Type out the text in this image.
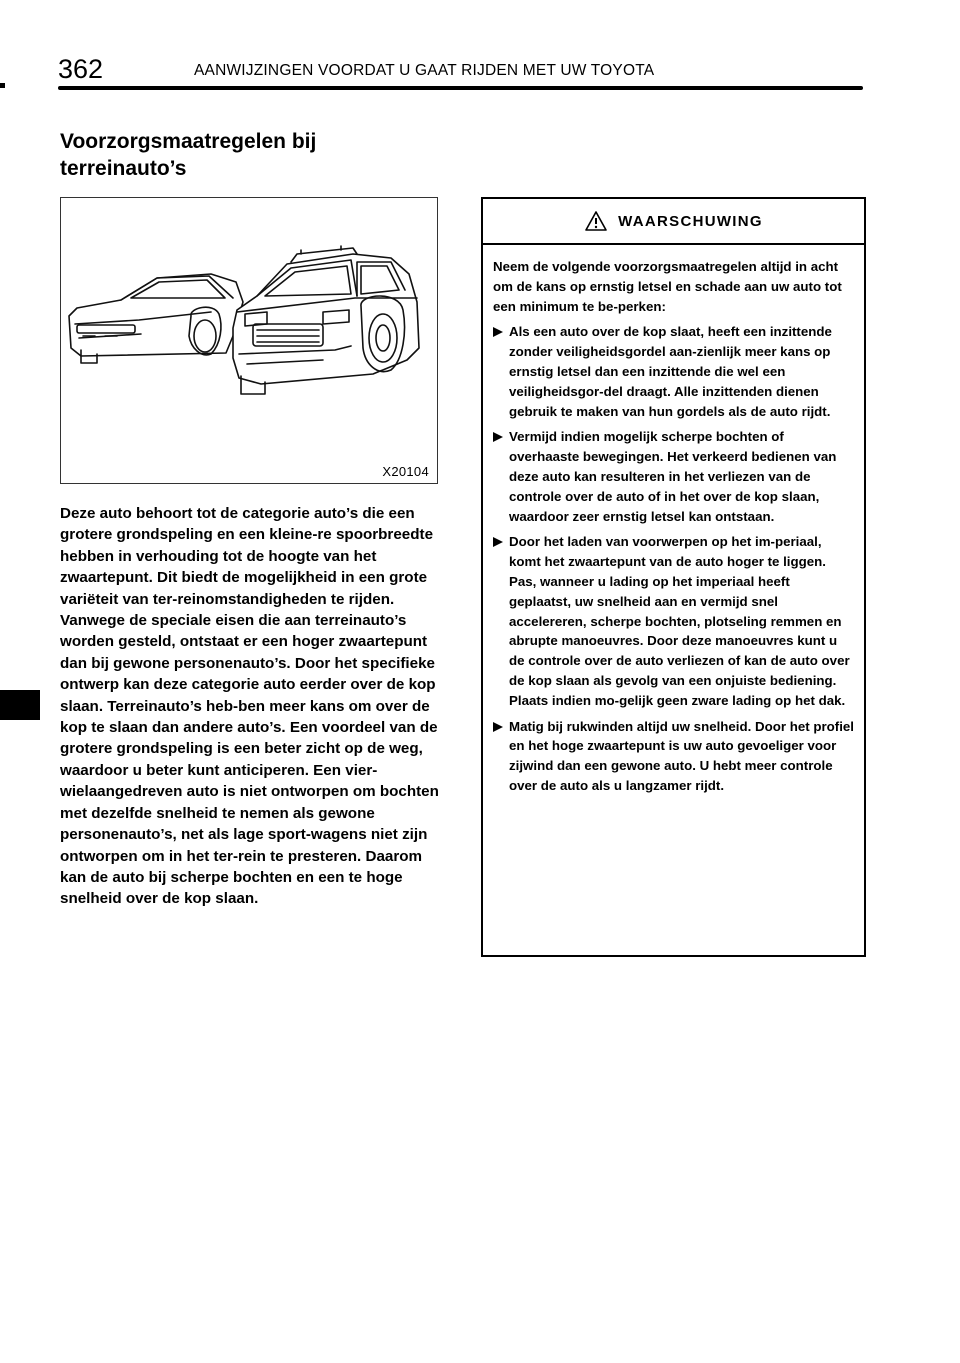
362	AANWIJZINGEN VOORDAT U GAAT RIJDEN MET UW TOYOTA
Voorzorgsmaatregelen bij
terreinauto’s
X20104

Deze auto behoort tot de categorie auto’s die een grotere grondspeling en een kleine-re spoorbreedte hebben in verhouding tot de hoogte van het zwaartepunt. Dit biedt de mogelijkheid in een grote variëteit van ter-reinomstandigheden te rijden. Vanwege de speciale eisen die aan terreinauto’s worden gesteld, ontstaat er een hoger zwaartepunt dan bij gewone personenauto’s. Door het specifieke ontwerp kan deze categorie auto eerder over de kop slaan. Terreinauto’s heb-ben meer kans om over de kop te slaan dan andere auto’s. Een voordeel van de grotere grondspeling is een beter zicht op de weg, waardoor u beter kunt anticiperen. Een vier-wielaangedreven auto is niet ontworpen om bochten met dezelfde snelheid te nemen als gewone personenauto’s, net als lage sport-wagens niet zijn ontworpen om in het ter-rein te presteren. Daarom kan de auto bij scherpe bochten en een te hoge snelheid over de kop slaan.

WAARSCHUWING

Neem de volgende voorzorgsmaatregelen altijd in acht om de kans op ernstig letsel en schade aan uw auto tot een minimum te be-perken:

Als een auto over de kop slaat, heeft een inzittende zonder veiligheidsgordel aan-zienlijk meer kans op ernstig letsel dan een inzittende die wel een veiligheidsgor-del draagt. Alle inzittenden dienen gebruik te maken van hun gordels als de auto rijdt.
Vermijd indien mogelijk scherpe bochten of overhaaste bewegingen. Het verkeerd bedienen van deze auto kan resulteren in het verliezen van de controle over de auto of in het over de kop slaan, waardoor zeer ernstig letsel kan ontstaan.
Door het laden van voorwerpen op het im-periaal, komt het zwaartepunt van de auto hoger te liggen. Pas, wanneer u lading op het imperiaal heeft geplaatst, uw snelheid aan en vermijd snel accelereren, scherpe bochten, plotseling remmen en abrupte manoeuvres. Door deze manoeuvres kunt u de controle over de auto verliezen of kan de auto over de kop slaan als gevolg van een onjuiste bediening. Plaats indien mo-gelijk geen zware lading op het dak.
Matig bij rukwinden altijd uw snelheid. Door het profiel en het hoge zwaartepunt is uw auto gevoeliger voor zijwind dan een gewone auto. U hebt meer controle over de auto als u langzamer rijdt.
